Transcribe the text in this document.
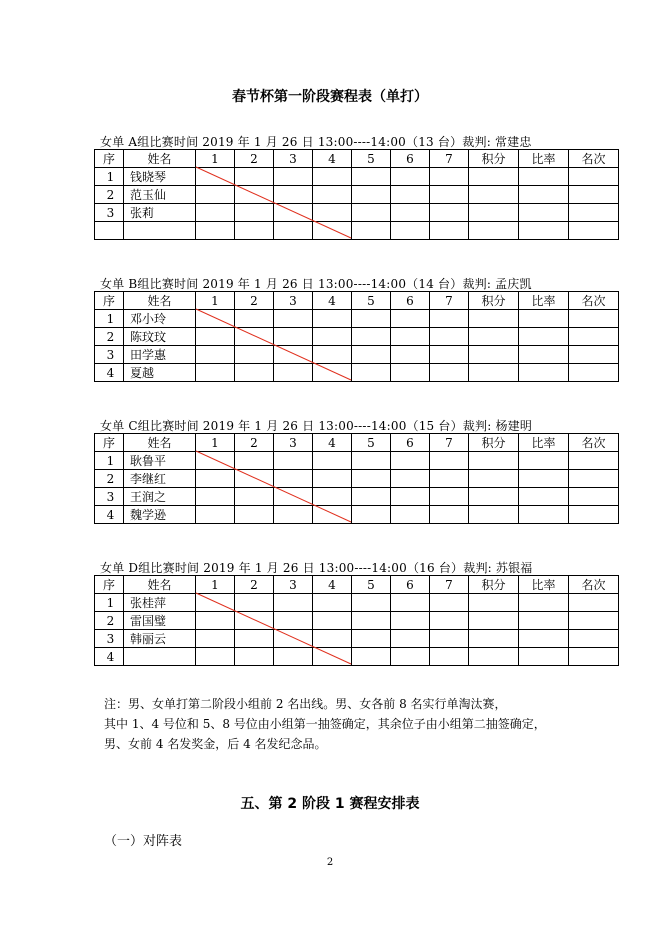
春节杯第一阶段赛程表（单打）
女单 A组比赛时间 2019 年 1 月 26 日 13:00----14:00（13 台）裁判: 常建忠
序	姓名	1	2	3	4	5	6	7	积分	比率	名次
1	钱晓琴										
2	范玉仙										
3	张莉										

女单 B组比赛时间 2019 年 1 月 26 日 13:00----14:00（14 台）裁判: 孟庆凯
序	姓名	1	2	3	4	5	6	7	积分	比率	名次
1	邓小玲										
2	陈玟玟										
3	田学惠										
4	夏越										
女单 C组比赛时间 2019 年 1 月 26 日 13:00----14:00（15 台）裁判: 杨建明
序	姓名	1	2	3	4	5	6	7	积分	比率	名次
1	耿鲁平										
2	李继红										
3	王润之										
4	魏学逊										
女单 D组比赛时间 2019 年 1 月 26 日 13:00----14:00（16 台）裁判: 苏银福
序	姓名	1	2	3	4	5	6	7	积分	比率	名次
1	张桂萍										
2	雷国璧										
3	韩丽云										
4											

注：男、女单打第二阶段小组前 2 名出线。男、女各前 8 名实行单淘汰赛，

其中 1、4 号位和 5、8 号位由小组第一抽签确定，其余位子由小组第二抽签确定，

男、女前 4 名发奖金，后 4 名发纪念品。

五、第 2 阶段 1 赛程安排表
（一）对阵表
2
